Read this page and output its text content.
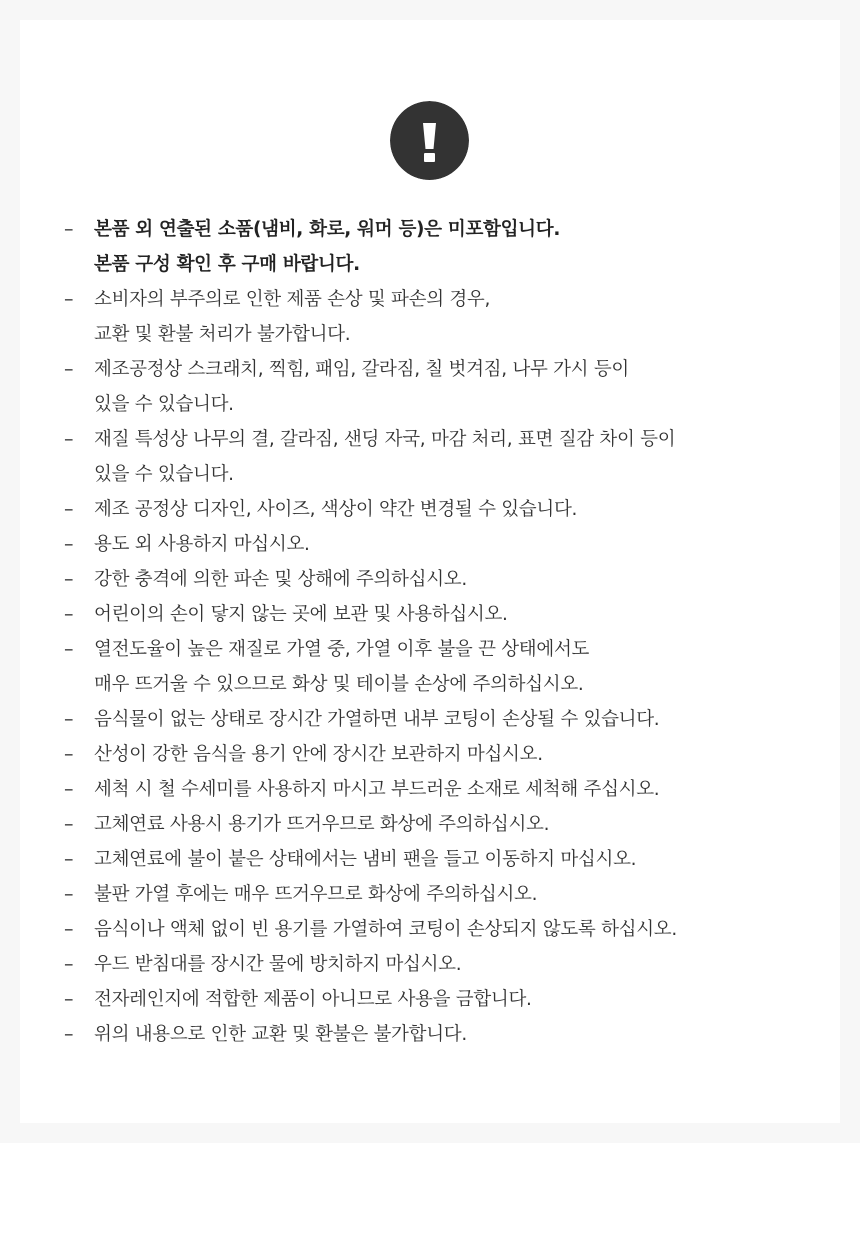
–	본품 외 연출된 소품(냄비, 화로, 워머 등)은 미포함입니다.
본품 구성 확인 후 구매 바랍니다.
–	소비자의 부주의로 인한 제품 손상 및 파손의 경우,
교환 및 환불 처리가 불가합니다.
–	제조공정상 스크래치, 찍힘, 패임, 갈라짐, 칠 벗겨짐, 나무 가시 등이
있을 수 있습니다.
–	재질 특성상 나무의 결, 갈라짐, 샌딩 자국, 마감 처리, 표면 질감 차이 등이
있을 수 있습니다.
–	제조 공정상 디자인, 사이즈, 색상이 약간 변경될 수 있습니다.
–	용도 외 사용하지 마십시오.
–	강한 충격에 의한 파손 및 상해에 주의하십시오.
–	어린이의 손이 닿지 않는 곳에 보관 및 사용하십시오.
–	열전도율이 높은 재질로 가열 중, 가열 이후 불을 끈 상태에서도
매우 뜨거울 수 있으므로 화상 및 테이블 손상에 주의하십시오.
–	음식물이 없는 상태로 장시간 가열하면 내부 코팅이 손상될 수 있습니다.
–	산성이 강한 음식을 용기 안에 장시간 보관하지 마십시오.
–	세척 시 철 수세미를 사용하지 마시고 부드러운 소재로 세척해 주십시오.
–	고체연료 사용시 용기가 뜨거우므로 화상에 주의하십시오.
–	고체연료에 불이 붙은 상태에서는 냄비 팬을 들고 이동하지 마십시오.
–	불판 가열 후에는 매우 뜨거우므로 화상에 주의하십시오.
–	음식이나 액체 없이 빈 용기를 가열하여 코팅이 손상되지 않도록 하십시오.
–	우드 받침대를 장시간 물에 방치하지 마십시오.
–	전자레인지에 적합한 제품이 아니므로 사용을 금합니다.
–	위의 내용으로 인한 교환 및 환불은 불가합니다.
